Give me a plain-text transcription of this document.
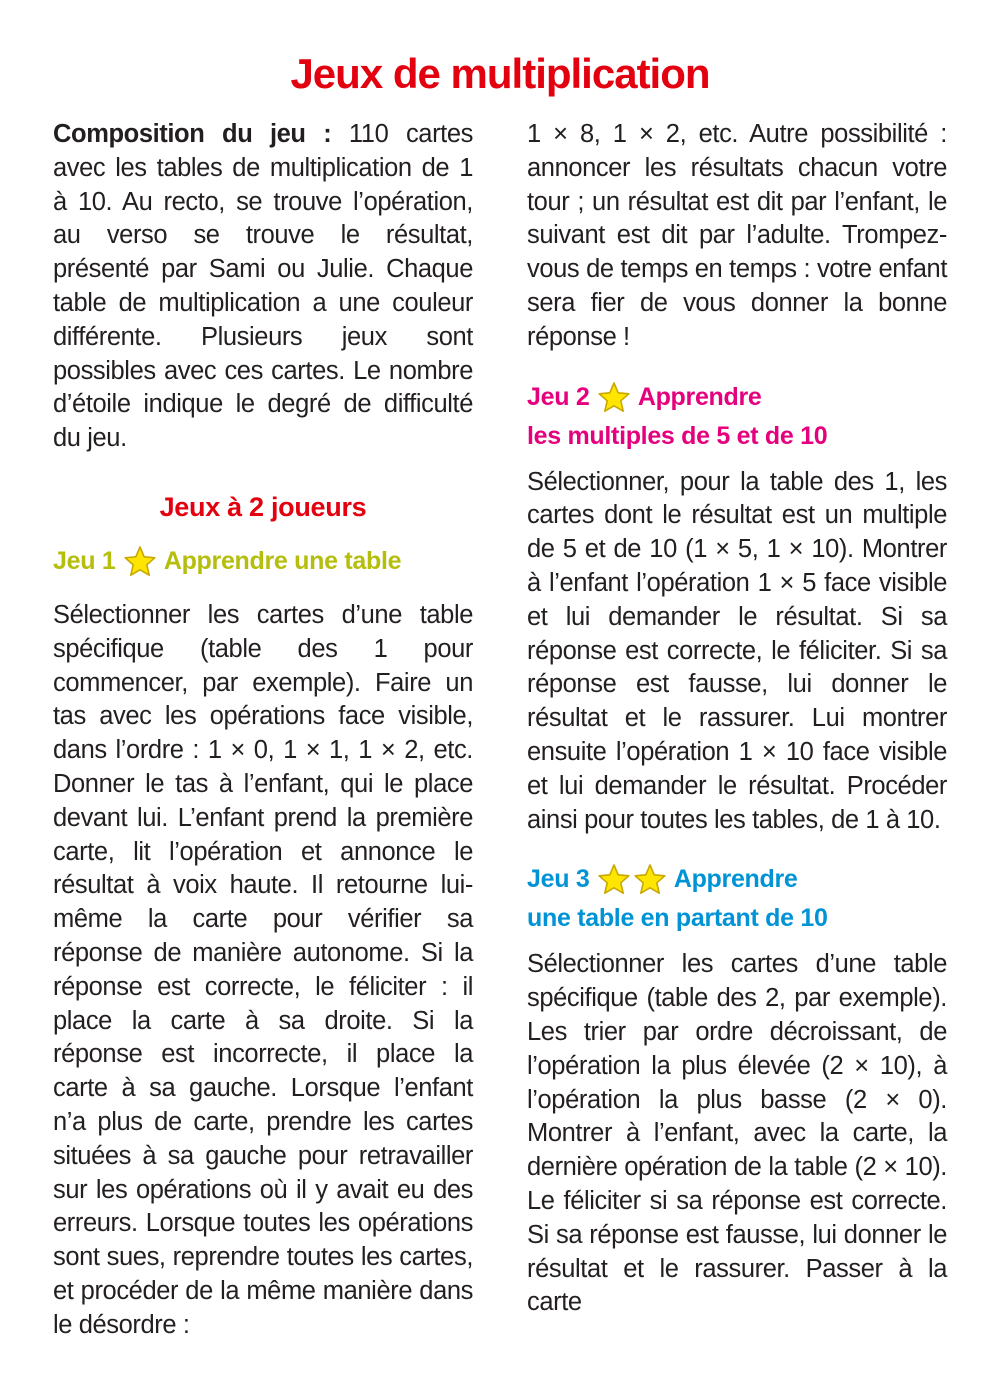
Jeux de multiplication

Composition du jeu : 110 cartes avec les tables de multiplication de 1 à 10. Au recto, se trouve l’opération, au verso se trouve le résultat, présenté par Sami ou Julie. Chaque table de multiplication a une couleur différente. Plusieurs jeux sont possibles avec ces cartes. Le nombre d’étoile indique le degré de difficulté du jeu.

Jeux à 2 joueurs
Jeu 1 Apprendre une table

Sélectionner les cartes d’une table spécifique (table des 1 pour commencer, par exemple). Faire un tas avec les opérations face visible, dans l’ordre : 1 × 0, 1 × 1, 1 × 2, etc. Donner le tas à l’enfant, qui le place devant lui. L’enfant prend la première carte, lit l’opération et annonce le résultat à voix haute. Il retourne lui-même la carte pour vérifier sa réponse de manière autonome. Si la réponse est correcte, le féliciter : il place la carte à sa droite. Si la réponse est incorrecte, il place la carte à sa gauche. Lorsque l’enfant n’a plus de carte, prendre les cartes situées à sa gauche pour retravailler sur les opérations où il y avait eu des erreurs. Lorsque toutes les opérations sont sues, reprendre toutes les cartes, et procéder de la même manière dans le désordre :

1 × 8, 1 × 2, etc. Autre possibilité : annoncer les résultats chacun votre tour ; un résultat est dit par l’enfant, le suivant est dit par l’adulte. Trompez-vous de temps en temps : votre enfant sera fier de vous donner la bonne réponse !

Jeu 2 Apprendre
les multiples de 5 et de 10

Sélectionner, pour la table des 1, les cartes dont le résultat est un multiple de 5 et de 10 (1 × 5, 1 × 10). Montrer à l’enfant l’opération 1 × 5 face visible et lui demander le résultat. Si sa réponse est correcte, le féliciter. Si sa réponse est fausse, lui donner le résultat et le rassurer. Lui montrer ensuite l’opération 1 × 10 face visible et lui demander le résultat. Procéder ainsi pour toutes les tables, de 1 à 10.

Jeu 3	Apprendre
une table en partant de 10

Sélectionner les cartes d’une table spécifique (table des 2, par exemple). Les trier par ordre décroissant, de l’opération la plus élevée (2 × 10), à l’opération la plus basse (2 × 0). Montrer à l’enfant, avec la carte, la dernière opération de la table (2 × 10). Le féliciter si sa réponse est correcte. Si sa réponse est fausse, lui donner le résultat et le rassurer. Passer à la carte
